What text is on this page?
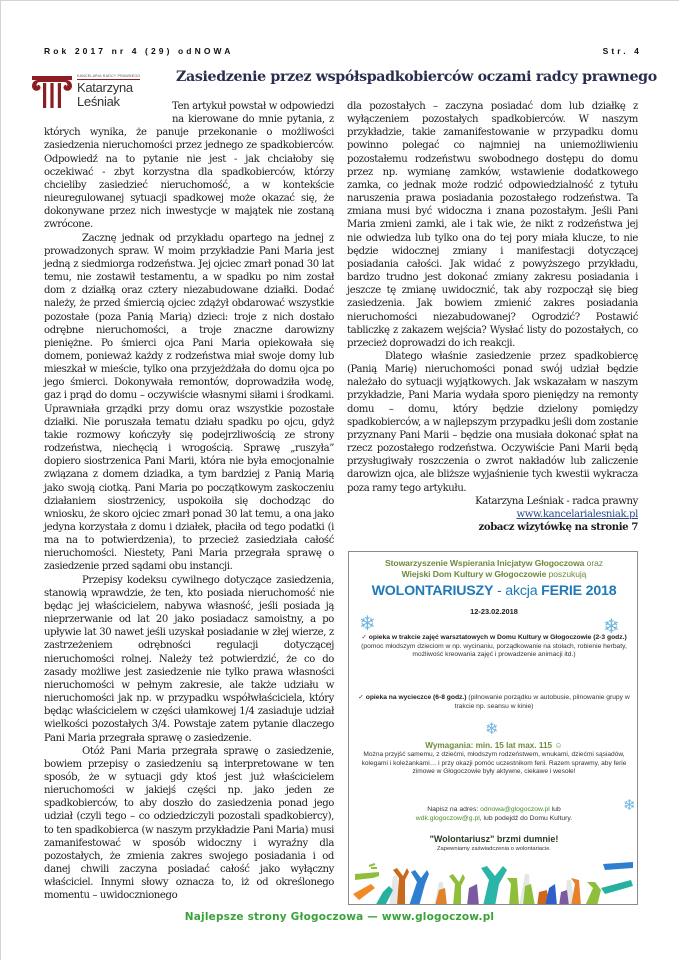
Rok 2017 nr 4 (29) odNOWA	Str. 4
KANCELARIA RADCY PRAWNEGO
Katarzyna
Leśniak
Zasiedzenie przez współspadkobierców oczami radcy prawnego

Ten artykuł powstał w odpowiedzi na kierowane do mnie pytania, z których wynika, że panuje przekonanie o możliwości zasiedzenia nieruchomości przez jednego ze spadkobierców. Odpowiedź na to pytanie nie jest - jak chciałoby się oczekiwać - zbyt korzystna dla spadkobierców, którzy chcieliby zasiedzieć nieruchomość, a w kontekście nieuregulowanej sytuacji spadkowej może okazać się, że dokonywane przez nich inwestycje w majątek nie zostaną zwrócone.

Zacznę jednak od przykładu opartego na jednej z prowadzonych spraw. W moim przykładzie Pani Maria jest jedną z siedmiorga rodzeństwa. Jej ojciec zmarł ponad 30 lat temu, nie zostawił testamentu, a w spadku po nim został dom z działką oraz cztery niezabudowane działki. Dodać należy, że przed śmiercią ojciec zdążył obdarować wszystkie pozostałe (poza Panią Marią) dzieci: troje z nich dostało odrębne nieruchomości, a troje znaczne darowizny pieniężne. Po śmierci ojca Pani Maria opiekowała się domem, ponieważ każdy z rodzeństwa miał swoje domy lub mieszkał w mieście, tylko ona przyjeżdżała do domu ojca po jego śmierci. Dokonywała remontów, doprowadziła wodę, gaz i prąd do domu – oczywiście własnymi siłami i środkami. Uprawniała grządki przy domu oraz wszystkie pozostałe działki. Nie poruszała tematu działu spadku po ojcu, gdyż takie rozmowy kończyły się podejrzliwością ze strony rodzeństwa, niechęcią i wrogością. Sprawę „ruszyła” dopiero siostrzenica Pani Marii, która nie była emocjonalnie związana z domem dziadka, a tym bardziej z Panią Marią jako swoją ciotką. Pani Maria po początkowym zaskoczeniu działaniem siostrzenicy, uspokoiła się dochodząc do wniosku, że skoro ojciec zmarł ponad 30 lat temu, a ona jako jedyna korzystała z domu i działek, płaciła od tego podatki (i ma na to potwierdzenia), to przecież zasiedziała całość nieruchomości. Niestety, Pani Maria przegrała sprawę o zasiedzenie przed sądami obu instancji.

Przepisy kodeksu cywilnego dotyczące zasiedzenia, stanowią wprawdzie, że ten, kto posiada nieruchomość nie będąc jej właścicielem, nabywa własność, jeśli posiada ją nieprzerwanie od lat 20 jako posiadacz samoistny, a po upływie lat 30 nawet jeśli uzyskał posiadanie w złej wierze, z zastrzeżeniem odrębności regulacji dotyczącej nieruchomości rolnej. Należy też potwierdzić, że co do zasady możliwe jest zasiedzenie nie tylko prawa własności nieruchomości w pełnym zakresie, ale także udziału w nieruchomości jak np. w przypadku współwłaściciela, który będąc właścicielem w części ułamkowej 1/4 zasiaduje udział wielkości pozostałych 3/4. Powstaje zatem pytanie dlaczego Pani Maria przegrała sprawę o zasiedzenie.

Otóż Pani Maria przegrała sprawę o zasiedzenie, bowiem przepisy o zasiedzeniu są interpretowane w ten sposób, że w sytuacji gdy ktoś jest już właścicielem nieruchomości w jakiejś części np. jako jeden ze spadkobierców, to aby doszło do zasiedzenia ponad jego udział (czyli tego – co odziedziczyli pozostali spadkobiercy), to ten spadkobierca (w naszym przykładzie Pani Maria) musi zamanifestować w sposób widoczny i wyraźny dla pozostałych, że zmienia zakres swojego posiadania i od danej chwili zaczyna posiadać całość jako wyłączny właściciel. Innymi słowy oznacza to, iż od określonego momentu – uwidocznionego

dla pozostałych – zaczyna posiadać dom lub działkę z wyłączeniem pozostałych spadkobierców. W naszym przykładzie, takie zamanifestowanie w przypadku domu powinno polegać co najmniej na uniemożliwieniu pozostałemu rodzeństwu swobodnego dostępu do domu przez np. wymianę zamków, wstawienie dodatkowego zamka, co jednak może rodzić odpowiedzialność z tytułu naruszenia prawa posiadania pozostałego rodzeństwa. Ta zmiana musi być widoczna i znana pozostałym. Jeśli Pani Maria zmieni zamki, ale i tak wie, że nikt z rodzeństwa jej nie odwiedza lub tylko ona do tej pory miała klucze, to nie będzie widocznej zmiany i manifestacji dotyczącej posiadania całości. Jak widać z powyższego przykładu, bardzo trudno jest dokonać zmiany zakresu posiadania i jeszcze tę zmianę uwidocznić, tak aby rozpoczął się bieg zasiedzenia. Jak bowiem zmienić zakres posiadania nieruchomości niezabudowanej? Ogrodzić? Postawić tabliczkę z zakazem wejścia? Wysłać listy do pozostałych, co przecież doprowadzi do ich reakcji.

Dlatego właśnie zasiedzenie przez spadkobiercę (Panią Marię) nieruchomości ponad swój udział będzie należało do sytuacji wyjątkowych. Jak wskazałam w naszym przykładzie, Pani Maria wydała sporo pieniędzy na remonty domu – domu, który będzie dzielony pomiędzy spadkobierców, a w najlepszym przypadku jeśli dom zostanie przyznany Pani Marii – będzie ona musiała dokonać spłat na rzecz pozostałego rodzeństwa. Oczywiście Pani Marii będą przysługiwały roszczenia o zwrot nakładów lub zaliczenie darowizn ojca, ale bliższe wyjaśnienie tych kwestii wykracza poza ramy tego artykułu.

Katarzyna Leśniak - radca prawny

www.kancelarialesniak.pl

zobacz wizytówkę na stronie 7

Stowarzyszenie Wspierania Inicjatyw Głogoczowa oraz
Wiejski Dom Kultury w Głogoczowie poszukują
WOLONTARIUSZY - akcja FERIE 2018
12-23.02.2018
❄	❄
✓ opieka w trakcie zajęć warsztatowych w Domu Kultury w Głogoczowie (2-3 godz.) (pomoc młodszym dzieciom w np. wycinaniu, porządkowanie na stołach, robienie herbaty, możliwość kreowania zajęć i prowadzenie animacji itd.)
✓ opieka na wycieczce (6-8 godz.) (pilnowanie porządku w autobusie, pilnowanie grupy w trakcie np. seansu w kinie)
❄
Wymagania: min. 15 lat max. 115 ☺
Można przyjść samemu, z dziećmi, młodszym rodzeństwem, wnukami, dziećmi sąsiadów, kolegami i koleżankami… i przy okazji pomóc uczestnikom ferii. Razem sprawmy, aby ferie zimowe w Głogoczowie były aktywne, ciekawe i wesołe!
❄
Napisz na adres: odnowa@glogoczow.pl lub
wdk.glogoczow@g.pl, lub podejdź do Domu Kultury.
"Wolontariusz" brzmi dumnie!
Zapewniamy zaświadczenia o wolontariacie.
Najlepsze strony Głogoczowa — www.glogoczow.pl
